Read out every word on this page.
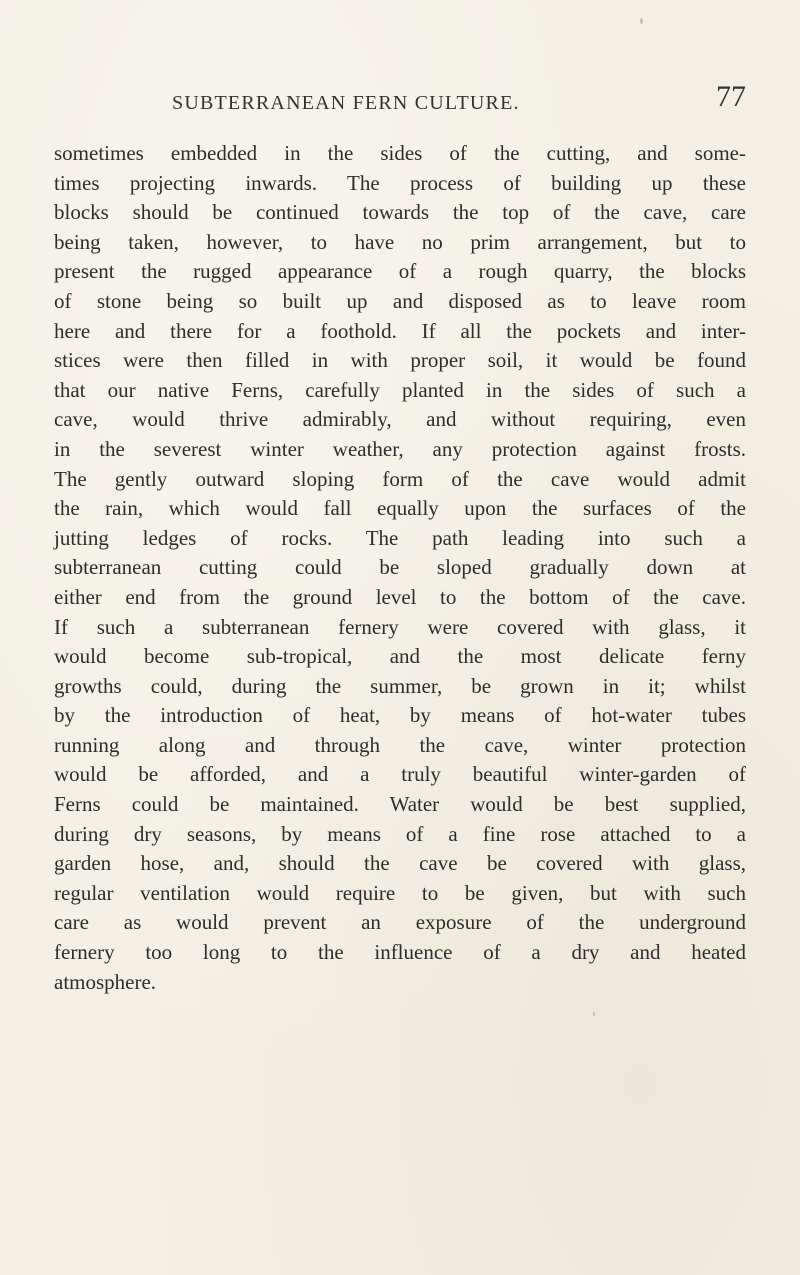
SUBTERRANEAN FERN CULTURE.	77
sometimes embedded in the sides of the cutting, and some-
times projecting inwards. The process of building up these
blocks should be continued towards the top of the cave, care
being taken, however, to have no prim arrangement, but to
present the rugged appearance of a rough quarry, the blocks
of stone being so built up and disposed as to leave room
here and there for a foothold. If all the pockets and inter-
stices were then filled in with proper soil, it would be found
that our native Ferns, carefully planted in the sides of such a
cave, would thrive admirably, and without requiring, even
in the severest winter weather, any protection against frosts.
The gently outward sloping form of the cave would admit
the rain, which would fall equally upon the surfaces of the
jutting ledges of rocks. The path leading into such a
subterranean cutting could be sloped gradually down at
either end from the ground level to the bottom of the cave.
If such a subterranean fernery were covered with glass, it
would become sub-tropical, and the most delicate ferny
growths could, during the summer, be grown in it; whilst
by the introduction of heat, by means of hot-water tubes
running along and through the cave, winter protection
would be afforded, and a truly beautiful winter-garden of
Ferns could be maintained. Water would be best supplied,
during dry seasons, by means of a fine rose attached to a
garden hose, and, should the cave be covered with glass,
regular ventilation would require to be given, but with such
care as would prevent an exposure of the underground
fernery too long to the influence of a dry and heated
atmosphere.
